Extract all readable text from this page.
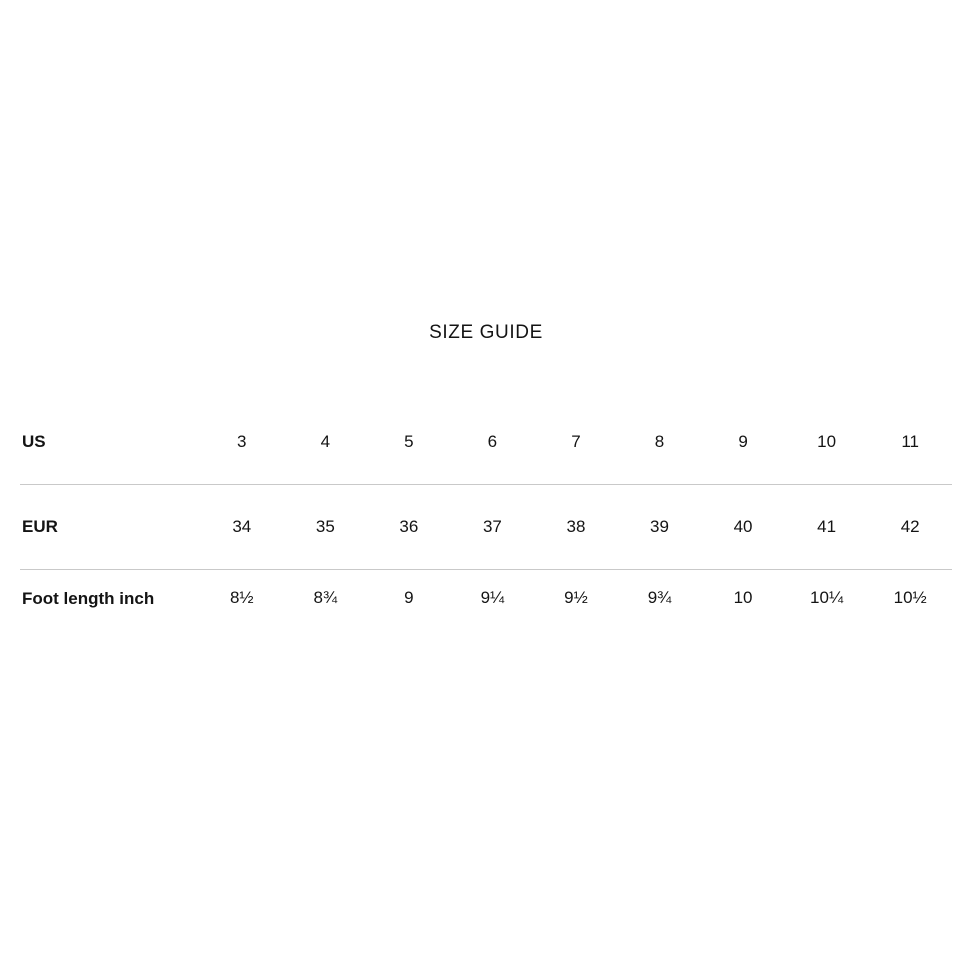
SIZE GUIDE
US	3	4	5	6	7	8	9	10	11
EUR	34	35	36	37	38	39	40	41	42
Foot length inch	8½	8¾	9	9¼	9½	9¾	10	10¼	10½
